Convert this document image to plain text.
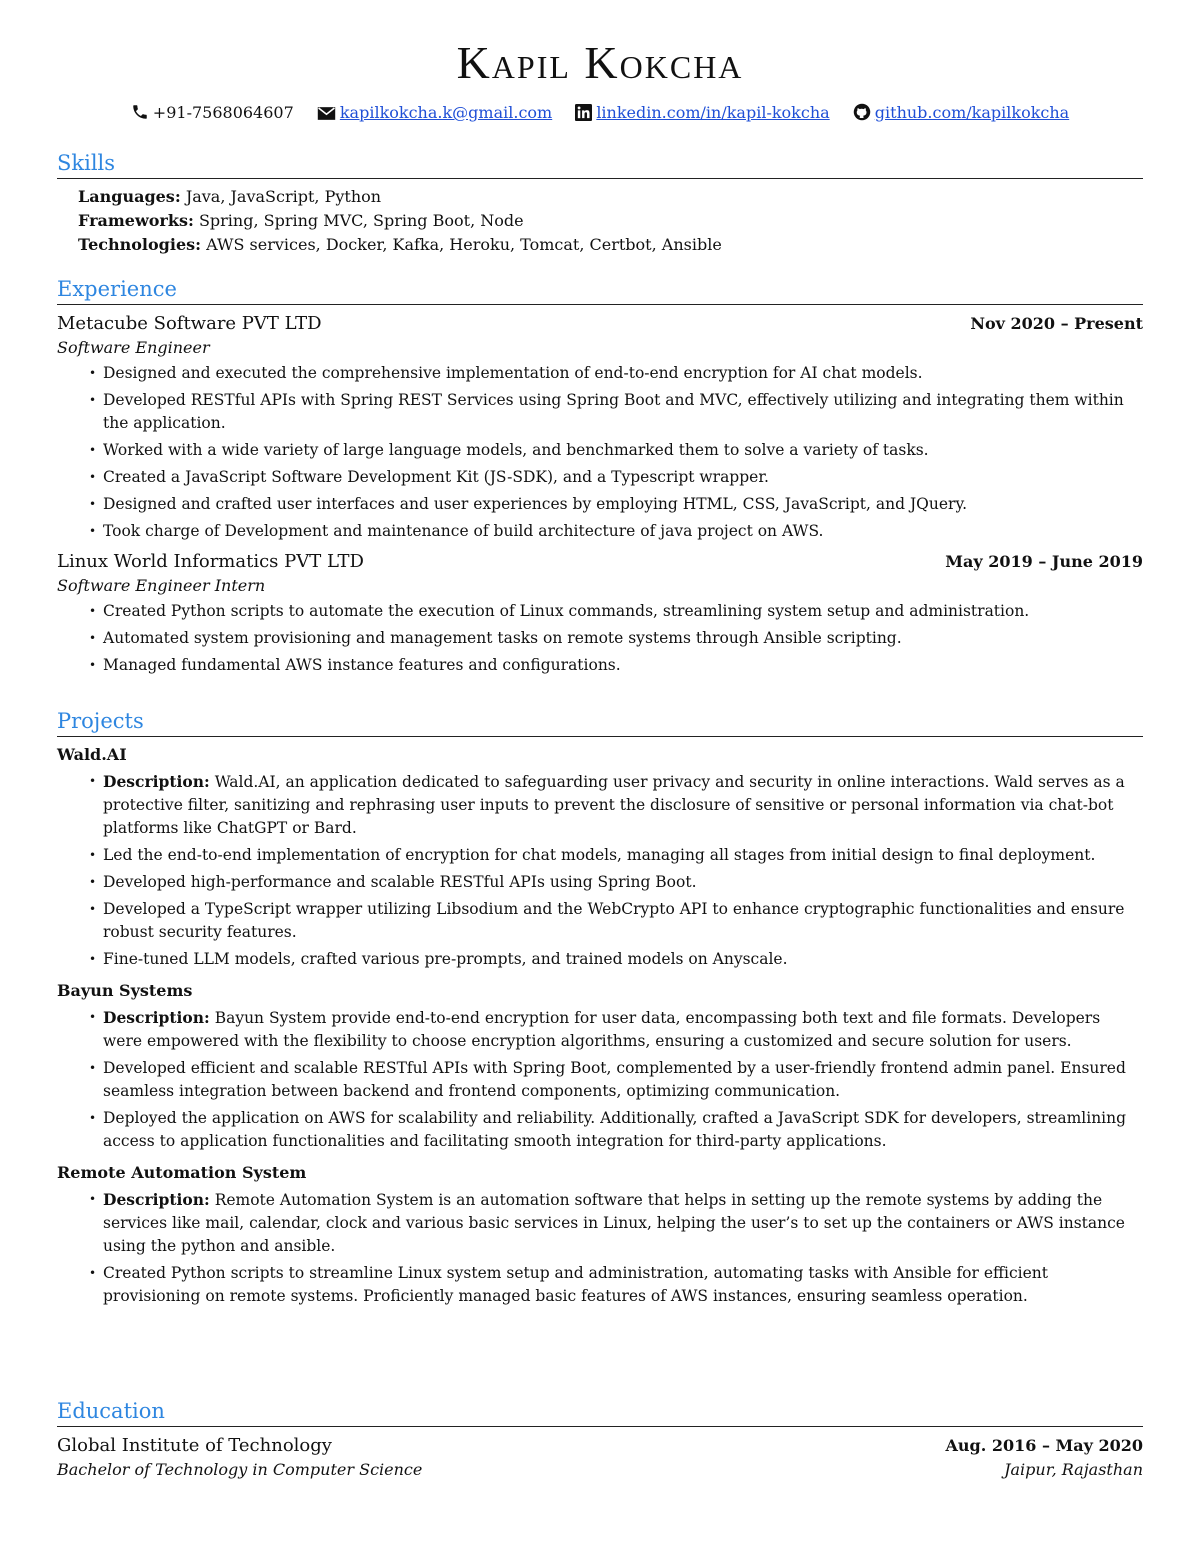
Kapil Kokcha
+91-7568064607	kapilkokcha.k@gmail.com	linkedin.com/in/kapil-kokcha	github.com/kapilkokcha
Skills
Languages: Java, JavaScript, Python
Frameworks: Spring, Spring MVC, Spring Boot, Node
Technologies: AWS services, Docker, Kafka, Heroku, Tomcat, Certbot, Ansible
Experience
Metacube Software PVT LTD	Nov 2020 – Present
Software Engineer
• Designed and executed the comprehensive implementation of end-to-end encryption for AI chat models.
• Developed RESTful APIs with Spring REST Services using Spring Boot and MVC, effectively utilizing and integrating them within the application.
• Worked with a wide variety of large language models, and benchmarked them to solve a variety of tasks.
• Created a JavaScript Software Development Kit (JS-SDK), and a Typescript wrapper.
• Designed and crafted user interfaces and user experiences by employing HTML, CSS, JavaScript, and JQuery.
• Took charge of Development and maintenance of build architecture of java project on AWS.
Linux World Informatics PVT LTD	May 2019 – June 2019
Software Engineer Intern
• Created Python scripts to automate the execution of Linux commands, streamlining system setup and administration.
• Automated system provisioning and management tasks on remote systems through Ansible scripting.
• Managed fundamental AWS instance features and configurations.
Projects
Wald.AI
• Description: Wald.AI, an application dedicated to safeguarding user privacy and security in online interactions. Wald serves as a protective filter, sanitizing and rephrasing user inputs to prevent the disclosure of sensitive or personal information via chat-bot platforms like ChatGPT or Bard.
• Led the end-to-end implementation of encryption for chat models, managing all stages from initial design to final deployment.
• Developed high-performance and scalable RESTful APIs using Spring Boot.
• Developed a TypeScript wrapper utilizing Libsodium and the WebCrypto API to enhance cryptographic functionalities and ensure robust security features.
• Fine-tuned LLM models, crafted various pre-prompts, and trained models on Anyscale.
Bayun Systems
• Description: Bayun System provide end-to-end encryption for user data, encompassing both text and file formats. Developers were empowered with the flexibility to choose encryption algorithms, ensuring a customized and secure solution for users.
• Developed efficient and scalable RESTful APIs with Spring Boot, complemented by a user-friendly frontend admin panel. Ensured seamless integration between backend and frontend components, optimizing communication.
• Deployed the application on AWS for scalability and reliability. Additionally, crafted a JavaScript SDK for developers, streamlining access to application functionalities and facilitating smooth integration for third-party applications.
Remote Automation System
• Description: Remote Automation System is an automation software that helps in setting up the remote systems by adding the services like mail, calendar, clock and various basic services in Linux, helping the user’s to set up the containers or AWS instance using the python and ansible.
• Created Python scripts to streamline Linux system setup and administration, automating tasks with Ansible for efficient provisioning on remote systems. Proficiently managed basic features of AWS instances, ensuring seamless operation.
Education
Global Institute of Technology	Aug. 2016 – May 2020
Bachelor of Technology in Computer Science	Jaipur, Rajasthan
